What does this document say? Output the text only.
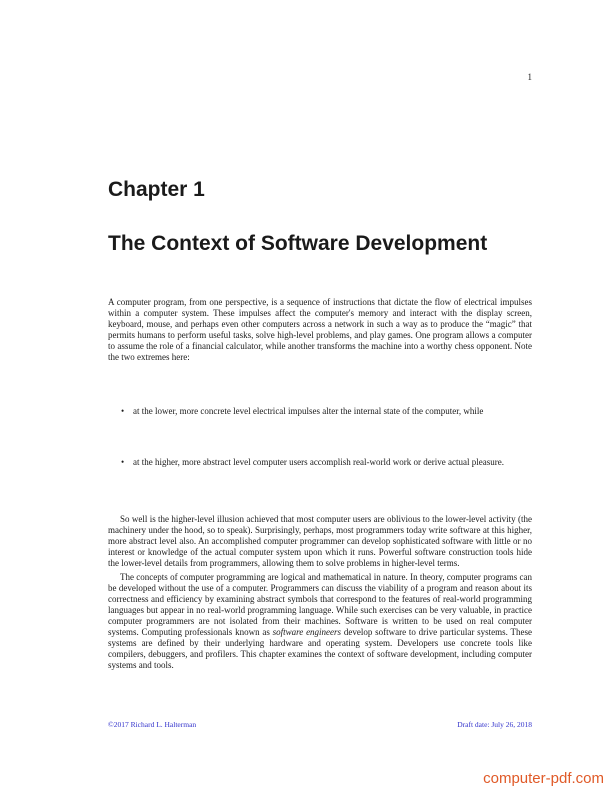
1
Chapter 1
The Context of Software Development

A computer program, from one perspective, is a sequence of instructions that dictate the flow of electrical impulses within a computer system. These impulses affect the computer's memory and interact with the display screen, keyboard, mouse, and perhaps even other computers across a network in such a way as to produce the “magic” that permits humans to perform useful tasks, solve high-level problems, and play games. One program allows a computer to assume the role of a financial calculator, while another transforms the machine into a worthy chess opponent. Note the two extremes here:

• at the lower, more concrete level electrical impulses alter the internal state of the computer, while
• at the higher, more abstract level computer users accomplish real-world work or derive actual pleasure.

So well is the higher-level illusion achieved that most computer users are oblivious to the lower-level activity (the machinery under the hood, so to speak). Surprisingly, perhaps, most programmers today write software at this higher, more abstract level also. An accomplished computer programmer can develop sophisticated software with little or no interest or knowledge of the actual computer system upon which it runs. Powerful software construction tools hide the lower-level details from programmers, allowing them to solve problems in higher-level terms.

The concepts of computer programming are logical and mathematical in nature. In theory, computer programs can be developed without the use of a computer. Programmers can discuss the viability of a program and reason about its correctness and efficiency by examining abstract symbols that correspond to the features of real-world programming languages but appear in no real-world programming language. While such exercises can be very valuable, in practice computer programmers are not isolated from their machines. Software is written to be used on real computer systems. Computing professionals known as software engineers develop software to drive particular systems. These systems are defined by their underlying hardware and operating system. Developers use concrete tools like compilers, debuggers, and profilers. This chapter examines the context of software development, including computer systems and tools.

©2017 Richard L. Halterman	Draft date: July 26, 2018
computer-pdf.com
